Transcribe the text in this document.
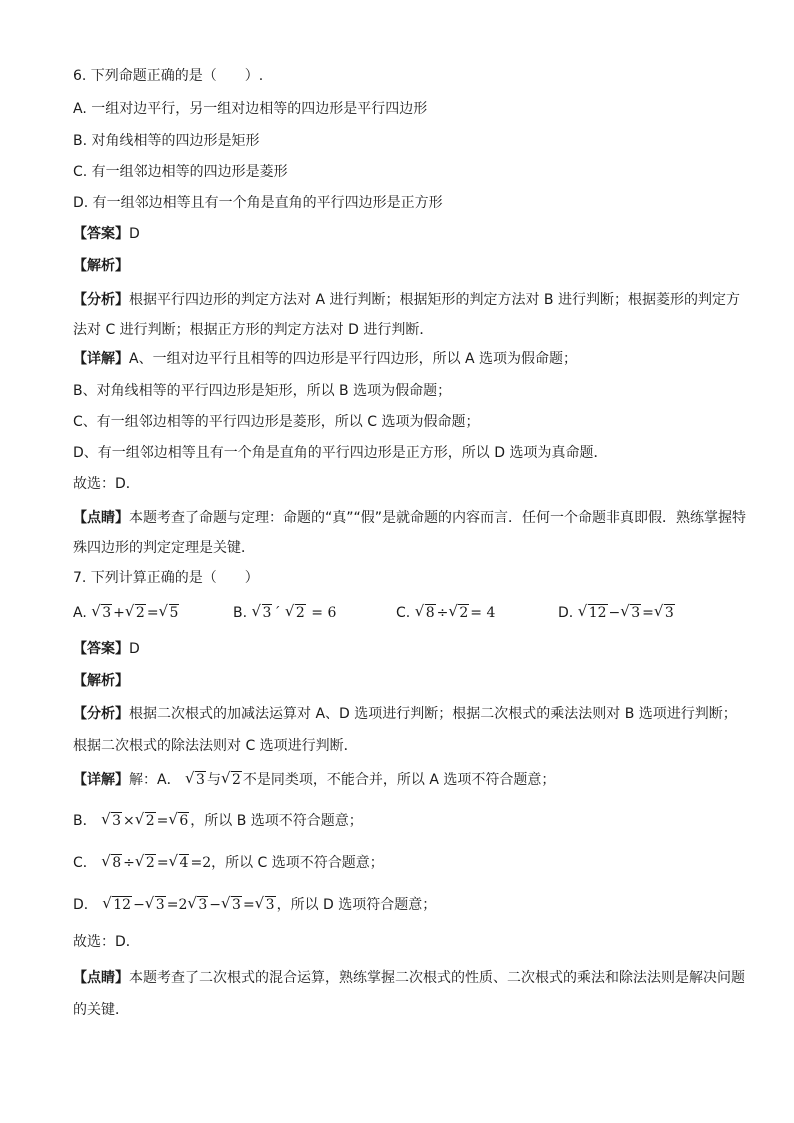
6. 下列命题正确的是（　　）.
A. 一组对边平行，另一组对边相等的四边形是平行四边形
B. 对角线相等的四边形是矩形
C. 有一组邻边相等的四边形是菱形
D. 有一组邻边相等且有一个角是直角的平行四边形是正方形
【答案】D
【解析】
【分析】根据平行四边形的判定方法对 A 进行判断；根据矩形的判定方法对 B 进行判断；根据菱形的判定方法对 C 进行判断；根据正方形的判定方法对 D 进行判断．
【详解】A、一组对边平行且相等的四边形是平行四边形，所以 A 选项为假命题；
B、对角线相等的平行四边形是矩形，所以 B 选项为假命题；
C、有一组邻边相等的平行四边形是菱形，所以 C 选项为假命题；
D、有一组邻边相等且有一个角是直角的平行四边形是正方形，所以 D 选项为真命题．
故选：D．
【点睛】本题考查了命题与定理：命题的“真”“假”是就命题的内容而言．任何一个命题非真即假．熟练掌握特殊四边形的判定定理是关键．
7. 下列计算正确的是（　　）
A. √ 3 + √ 2 = √ 5	B. √ 3 ´ √ 2 = 6	C. √ 8 ÷ √ 2 = 4	D. √ 12 − √ 3 = √ 3
【答案】D
【解析】
【分析】根据二次根式的加减法运算对 A、D 选项进行判断；根据二次根式的乘法法则对 B 选项进行判断；根据二次根式的除法法则对 C 选项进行判断．
【详解】解：A． √ 3 与 √ 2 不是同类项，不能合并，所以 A 选项不符合题意；
B． √ 3 × √ 2 = √ 6 ，所以 B 选项不符合题意；
C． √ 8 ÷ √ 2 = √ 4 =2，所以 C 选项不符合题意；
D． √ 12 − √ 3 =2 √ 3 − √ 3 = √ 3 ，所以 D 选项符合题意；
故选：D．
【点睛】本题考查了二次根式的混合运算，熟练掌握二次根式的性质、二次根式的乘法和除法法则是解决问题的关键．
